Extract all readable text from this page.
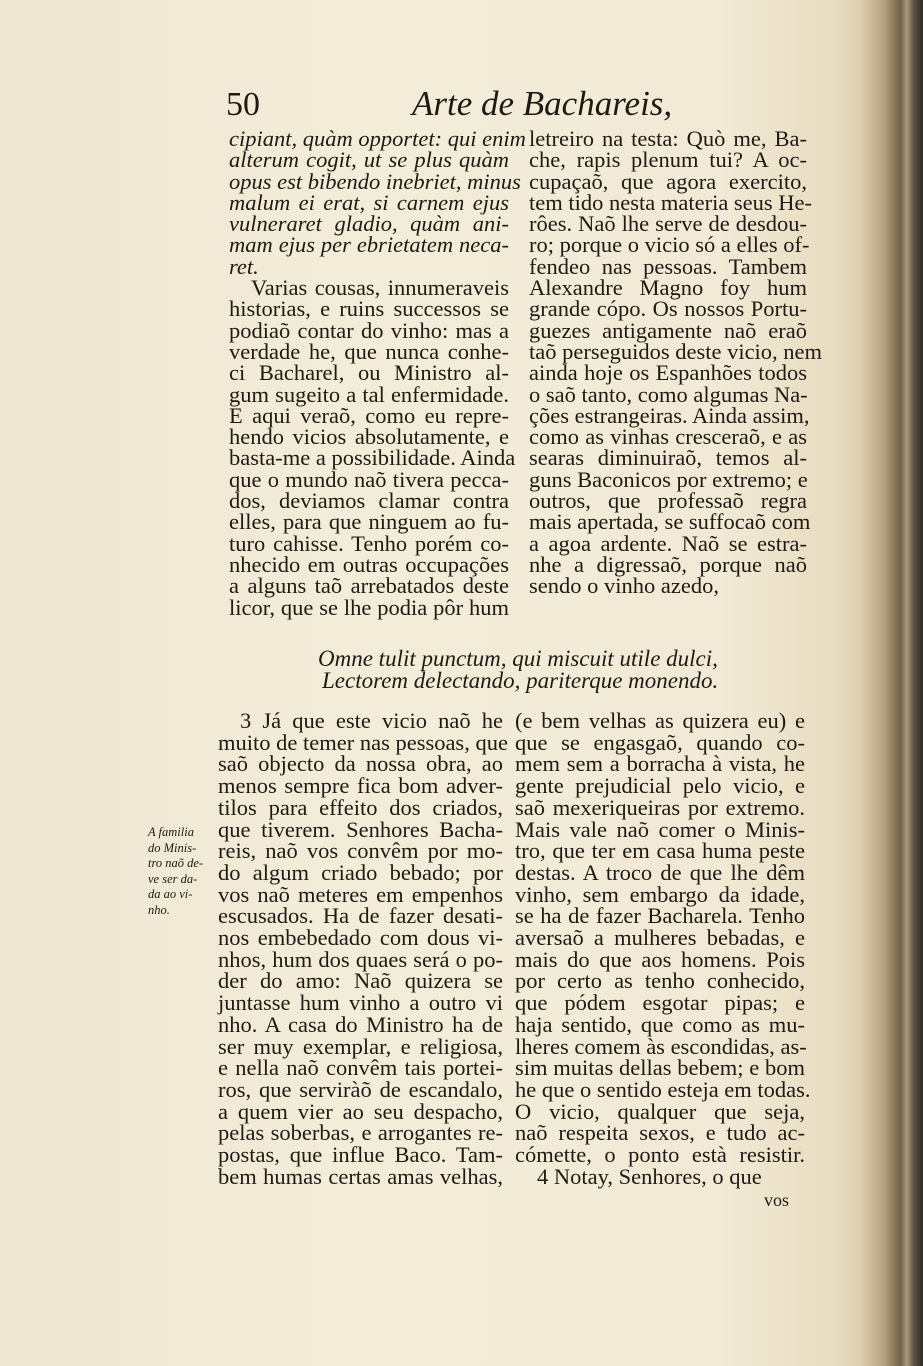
50	Arte de Bachareis,
cipiant, quàm opportet: qui enim
alterum cogit, ut se plus quàm
opus est bibendo inebriet, minus
malum ei erat, si carnem ejus
vulneraret gladio, quàm ani-
mam ejus per ebrietatem neca-
ret.
Varias cousas, innumeraveis
historias, e ruins successos se
podiaõ contar do vinho: mas a
verdade he, que nunca conhe-
ci Bacharel, ou Ministro al-
gum sugeito a tal enfermidade.
E aqui veraõ, como eu repre-
hendo vicios absolutamente, e
basta-me a possibilidade. Ainda
que o mundo naõ tivera pecca-
dos, deviamos clamar contra
elles, para que ninguem ao fu-
turo cahisse. Tenho porém co-
nhecido em outras occupações
a alguns taõ arrebatados deste
licor, que se lhe podia pôr hum
letreiro na testa: Quò me, Ba-
che, rapis plenum tui? A oc-
cupaçaõ, que agora exercito,
tem tido nesta materia seus He-
rôes. Naõ lhe serve de desdou-
ro; porque o vicio só a elles of-
fendeo nas pessoas. Tambem
Alexandre Magno foy hum
grande cópo. Os nossos Portu-
guezes antigamente naõ eraõ
taõ perseguidos deste vicio, nem
ainda hoje os Espanhões todos
o saõ tanto, como algumas Na-
ções estrangeiras. Ainda assim,
como as vinhas cresceraõ, e as
searas diminuiraõ, temos al-
guns Baconicos por extremo; e
outros, que professaõ regra
mais apertada, se suffocaõ com
a agoa ardente. Naõ se estra-
nhe a digressaõ, porque naõ
sendo o vinho azedo,
Omne tulit punctum, qui miscuit utile dulci,
Lectorem delectando, pariterque monendo.
A familia
do Minis-
tro naõ de-
ve ser da-
da ao vi-
nho.
3 Já que este vicio naõ he
muito de temer nas pessoas, que
saõ objecto da nossa obra, ao
menos sempre fica bom adver-
tilos para effeito dos criados,
que tiverem. Senhores Bacha-
reis, naõ vos convêm por mo-
do algum criado bebado; por
vos naõ meteres em empenhos
escusados. Ha de fazer desati-
nos embebedado com dous vi-
nhos, hum dos quaes será o po-
der do amo: Naõ quizera se
juntasse hum vinho a outro vi
nho. A casa do Ministro ha de
ser muy exemplar, e religiosa,
e nella naõ convêm tais portei-
ros, que serviràõ de escandalo,
a quem vier ao seu despacho,
pelas soberbas, e arrogantes re-
postas, que influe Baco. Tam-
bem humas certas amas velhas,
(e bem velhas as quizera eu) e
que se engasgaõ, quando co-
mem sem a borracha à vista, he
gente prejudicial pelo vicio, e
saõ mexeriqueiras por extremo.
Mais vale naõ comer o Minis-
tro, que ter em casa huma peste
destas. A troco de que lhe dêm
vinho, sem embargo da idade,
se ha de fazer Bacharela. Tenho
aversaõ a mulheres bebadas, e
mais do que aos homens. Pois
por certo as tenho conhecido,
que pódem esgotar pipas; e
haja sentido, que como as mu-
lheres comem às escondidas, as-
sim muitas dellas bebem; e bom
he que o sentido esteja em todas.
O vicio, qualquer que seja,
naõ respeita sexos, e tudo ac-
cómette, o ponto està resistir.
4 Notay, Senhores, o que
vos
